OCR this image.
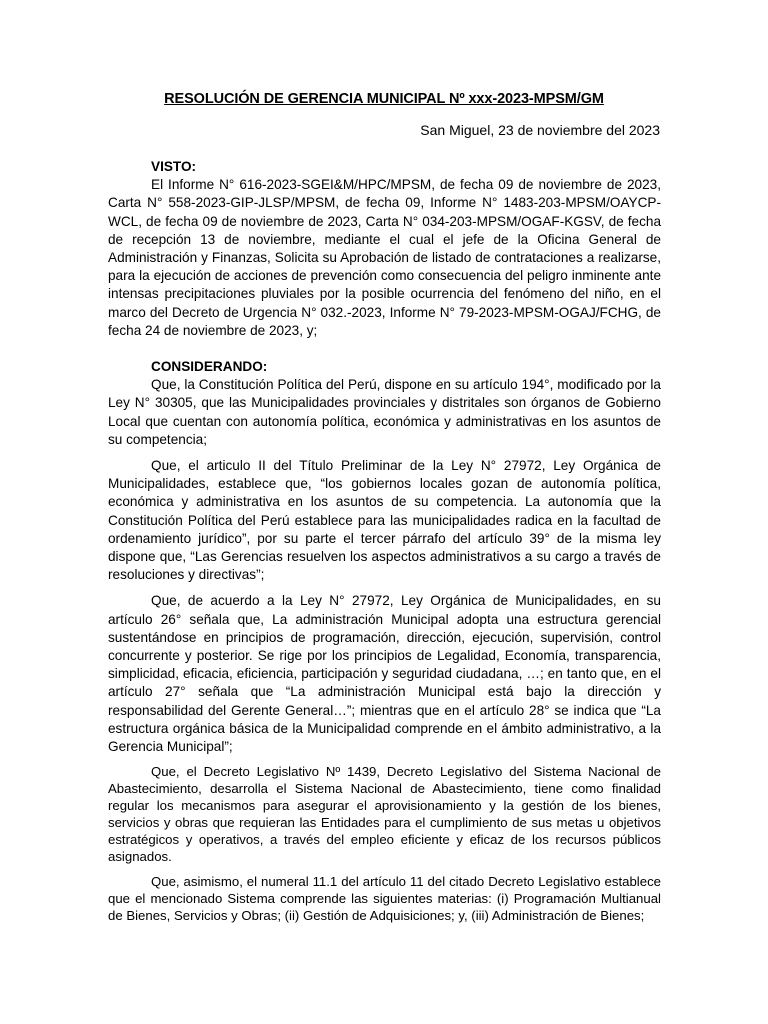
RESOLUCIÓN DE GERENCIA MUNICIPAL Nº xxx-2023-MPSM/GM
San Miguel, 23 de noviembre del 2023

VISTO:

El Informe N° 616-2023-SGEI&M/HPC/MPSM, de fecha 09 de noviembre de 2023, Carta N° 558-2023-GIP-JLSP/MPSM, de fecha 09, Informe N° 1483-203-MPSM/OAYCP-WCL, de fecha 09 de noviembre de 2023, Carta N° 034-203-MPSM/OGAF-KGSV, de fecha de recepción 13 de noviembre, mediante el cual el jefe de la Oficina General de Administración y Finanzas, Solicita su Aprobación de listado de contrataciones a realizarse, para la ejecución de acciones de prevención como consecuencia del peligro inminente ante intensas precipitaciones pluviales por la posible ocurrencia del fenómeno del niño, en el marco del Decreto de Urgencia N° 032.-2023, Informe N° 79-2023-MPSM-OGAJ/FCHG, de fecha 24 de noviembre de 2023, y;

CONSIDERANDO:

Que, la Constitución Política del Perú, dispone en su artículo 194°, modificado por la Ley N° 30305, que las Municipalidades provinciales y distritales son órganos de Gobierno Local que cuentan con autonomía política, económica y administrativas en los asuntos de su competencia;

Que, el articulo II del Título Preliminar de la Ley N° 27972, Ley Orgánica de Municipalidades, establece que, “los gobiernos locales gozan de autonomía política, económica y administrativa en los asuntos de su competencia. La autonomía que la Constitución Política del Perú establece para las municipalidades radica en la facultad de ordenamiento jurídico”, por su parte el tercer párrafo del artículo 39° de la misma ley dispone que, “Las Gerencias resuelven los aspectos administrativos a su cargo a través de resoluciones y directivas”;

Que, de acuerdo a la Ley N° 27972, Ley Orgánica de Municipalidades, en su artículo 26° señala que, La administración Municipal adopta una estructura gerencial sustentándose en principios de programación, dirección, ejecución, supervisión, control concurrente y posterior. Se rige por los principios de Legalidad, Economía, transparencia, simplicidad, eficacia, eficiencia, participación y seguridad ciudadana, …; en tanto que, en el artículo 27° señala que “La administración Municipal está bajo la dirección y responsabilidad del Gerente General…”; mientras que en el artículo 28° se indica que “La estructura orgánica básica de la Municipalidad comprende en el ámbito administrativo, a la Gerencia Municipal”;

Que, el Decreto Legislativo Nº 1439, Decreto Legislativo del Sistema Nacional de Abastecimiento, desarrolla el Sistema Nacional de Abastecimiento, tiene como finalidad regular los mecanismos para asegurar el aprovisionamiento y la gestión de los bienes, servicios y obras que requieran las Entidades para el cumplimiento de sus metas u objetivos estratégicos y operativos, a través del empleo eficiente y eficaz de los recursos públicos asignados.

Que, asimismo, el numeral 11.1 del artículo 11 del citado Decreto Legislativo establece que el mencionado Sistema comprende las siguientes materias: (i) Programación Multianual de Bienes, Servicios y Obras; (ii) Gestión de Adquisiciones; y, (iii) Administración de Bienes;
